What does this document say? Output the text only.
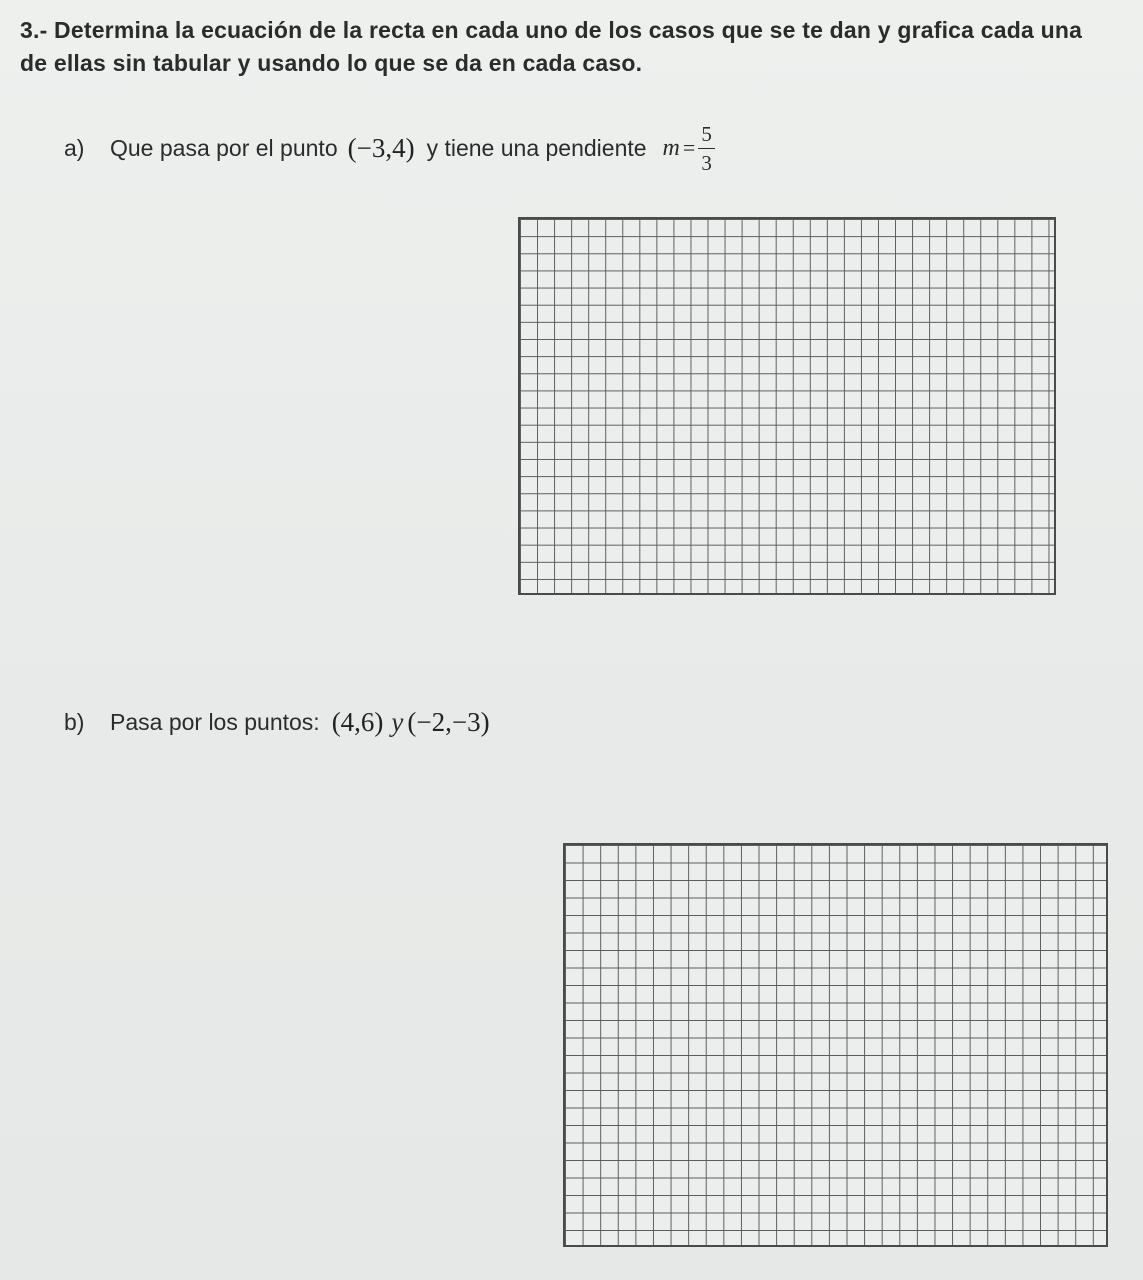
3.- Determina la ecuación de la recta en cada uno de los casos que se te dan y grafica cada una de ellas sin tabular y usando lo que se da en cada caso.
a)	Que pasa por el punto (−3,4) y tiene una pendiente $m = \frac{5}{3}$
b)	Pasa por los puntos: (4,6) y (−2,−3)
